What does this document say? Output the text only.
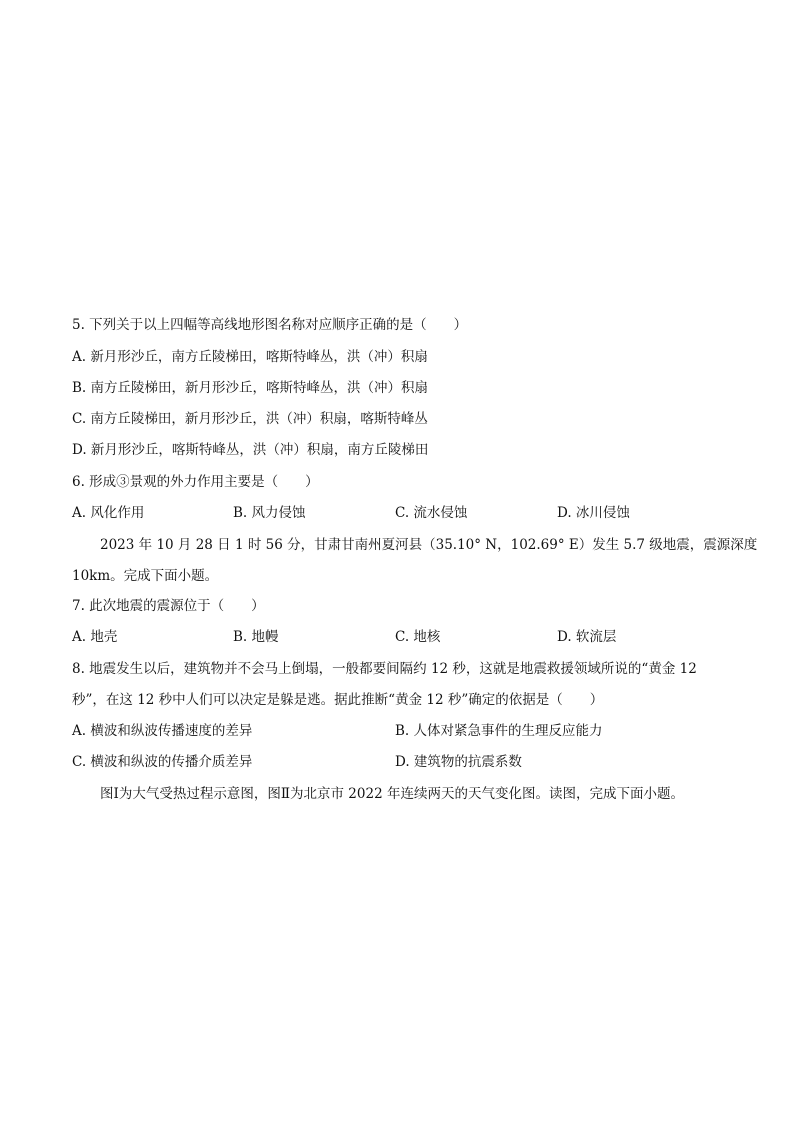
5. 下列关于以上四幅等高线地形图名称对应顺序正确的是（　　）
A. 新月形沙丘，南方丘陵梯田，喀斯特峰丛，洪（冲）积扇
B. 南方丘陵梯田，新月形沙丘，喀斯特峰丛，洪（冲）积扇
C. 南方丘陵梯田，新月形沙丘，洪（冲）积扇，喀斯特峰丛
D. 新月形沙丘，喀斯特峰丛，洪（冲）积扇，南方丘陵梯田
6. 形成③景观的外力作用主要是（　　）
A. 风化作用	B. 风力侵蚀	C. 流水侵蚀	D. 冰川侵蚀
2023 年 10 月 28 日 1 时 56 分，甘肃甘南州夏河县（35.10° N，102.69° E）发生 5.7 级地震，震源深度
10km。完成下面小题。
7. 此次地震的震源位于（　　）
A. 地壳	B. 地幔	C. 地核	D. 软流层
8. 地震发生以后，建筑物并不会马上倒塌，一般都要间隔约 12 秒，这就是地震救援领域所说的“黄金 12
秒”，在这 12 秒中人们可以决定是躲是逃。据此推断“黄金 12 秒”确定的依据是（　　）
A. 横波和纵波传播速度的差异	B. 人体对紧急事件的生理反应能力
C. 横波和纵波的传播介质差异	D. 建筑物的抗震系数
图Ⅰ为大气受热过程示意图，图Ⅱ为北京市 2022 年连续两天的天气变化图。读图，完成下面小题。
